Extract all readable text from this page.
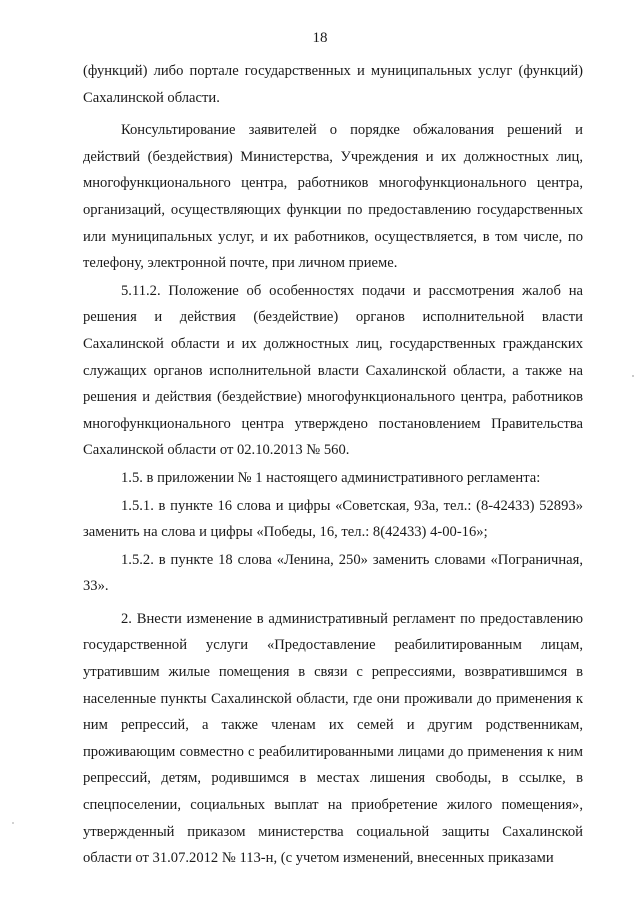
18

(функций) либо портале государственных и муниципальных услуг (функций) Сахалинской области.

Консультирование заявителей о порядке обжалования решений и действий (бездействия) Министерства, Учреждения и их должностных лиц, многофункционального центра, работников многофункционального центра, организаций, осуществляющих функции по предоставлению государственных или муниципальных услуг, и их работников, осуществляется, в том числе, по телефону, электронной почте, при личном приеме.

5.11.2. Положение об особенностях подачи и рассмотрения жалоб на решения и действия (бездействие) органов исполнительной власти Сахалинской области и их должностных лиц, государственных гражданских служащих органов исполнительной власти Сахалинской области, а также на решения и действия (бездействие) многофункционального центра, работников многофункционального центра утверждено постановлением Правительства Сахалинской области от 02.10.2013 № 560.

1.5. в приложении № 1 настоящего административного регламента:

1.5.1. в пункте 16 слова и цифры «Советская, 93а, тел.: (8-42433) 52893» заменить на слова и цифры «Победы, 16, тел.: 8(42433) 4-00-16»;

1.5.2. в пункте 18 слова «Ленина, 250» заменить словами «Пограничная, 33».

2. Внести изменение в административный регламент по предоставлению государственной услуги «Предоставление реабилитированным лицам, утратившим жилые помещения в связи с репрессиями, возвратившимся в населенные пункты Сахалинской области, где они проживали до применения к ним репрессий, а также членам их семей и другим родственникам, проживающим совместно с реабилитированными лицами до применения к ним репрессий, детям, родившимся в местах лишения свободы, в ссылке, в спецпоселении, социальных выплат на приобретение жилого помещения», утвержденный приказом министерства социальной защиты Сахалинской области от 31.07.2012 № 113-н, (с учетом изменений, внесенных приказами
